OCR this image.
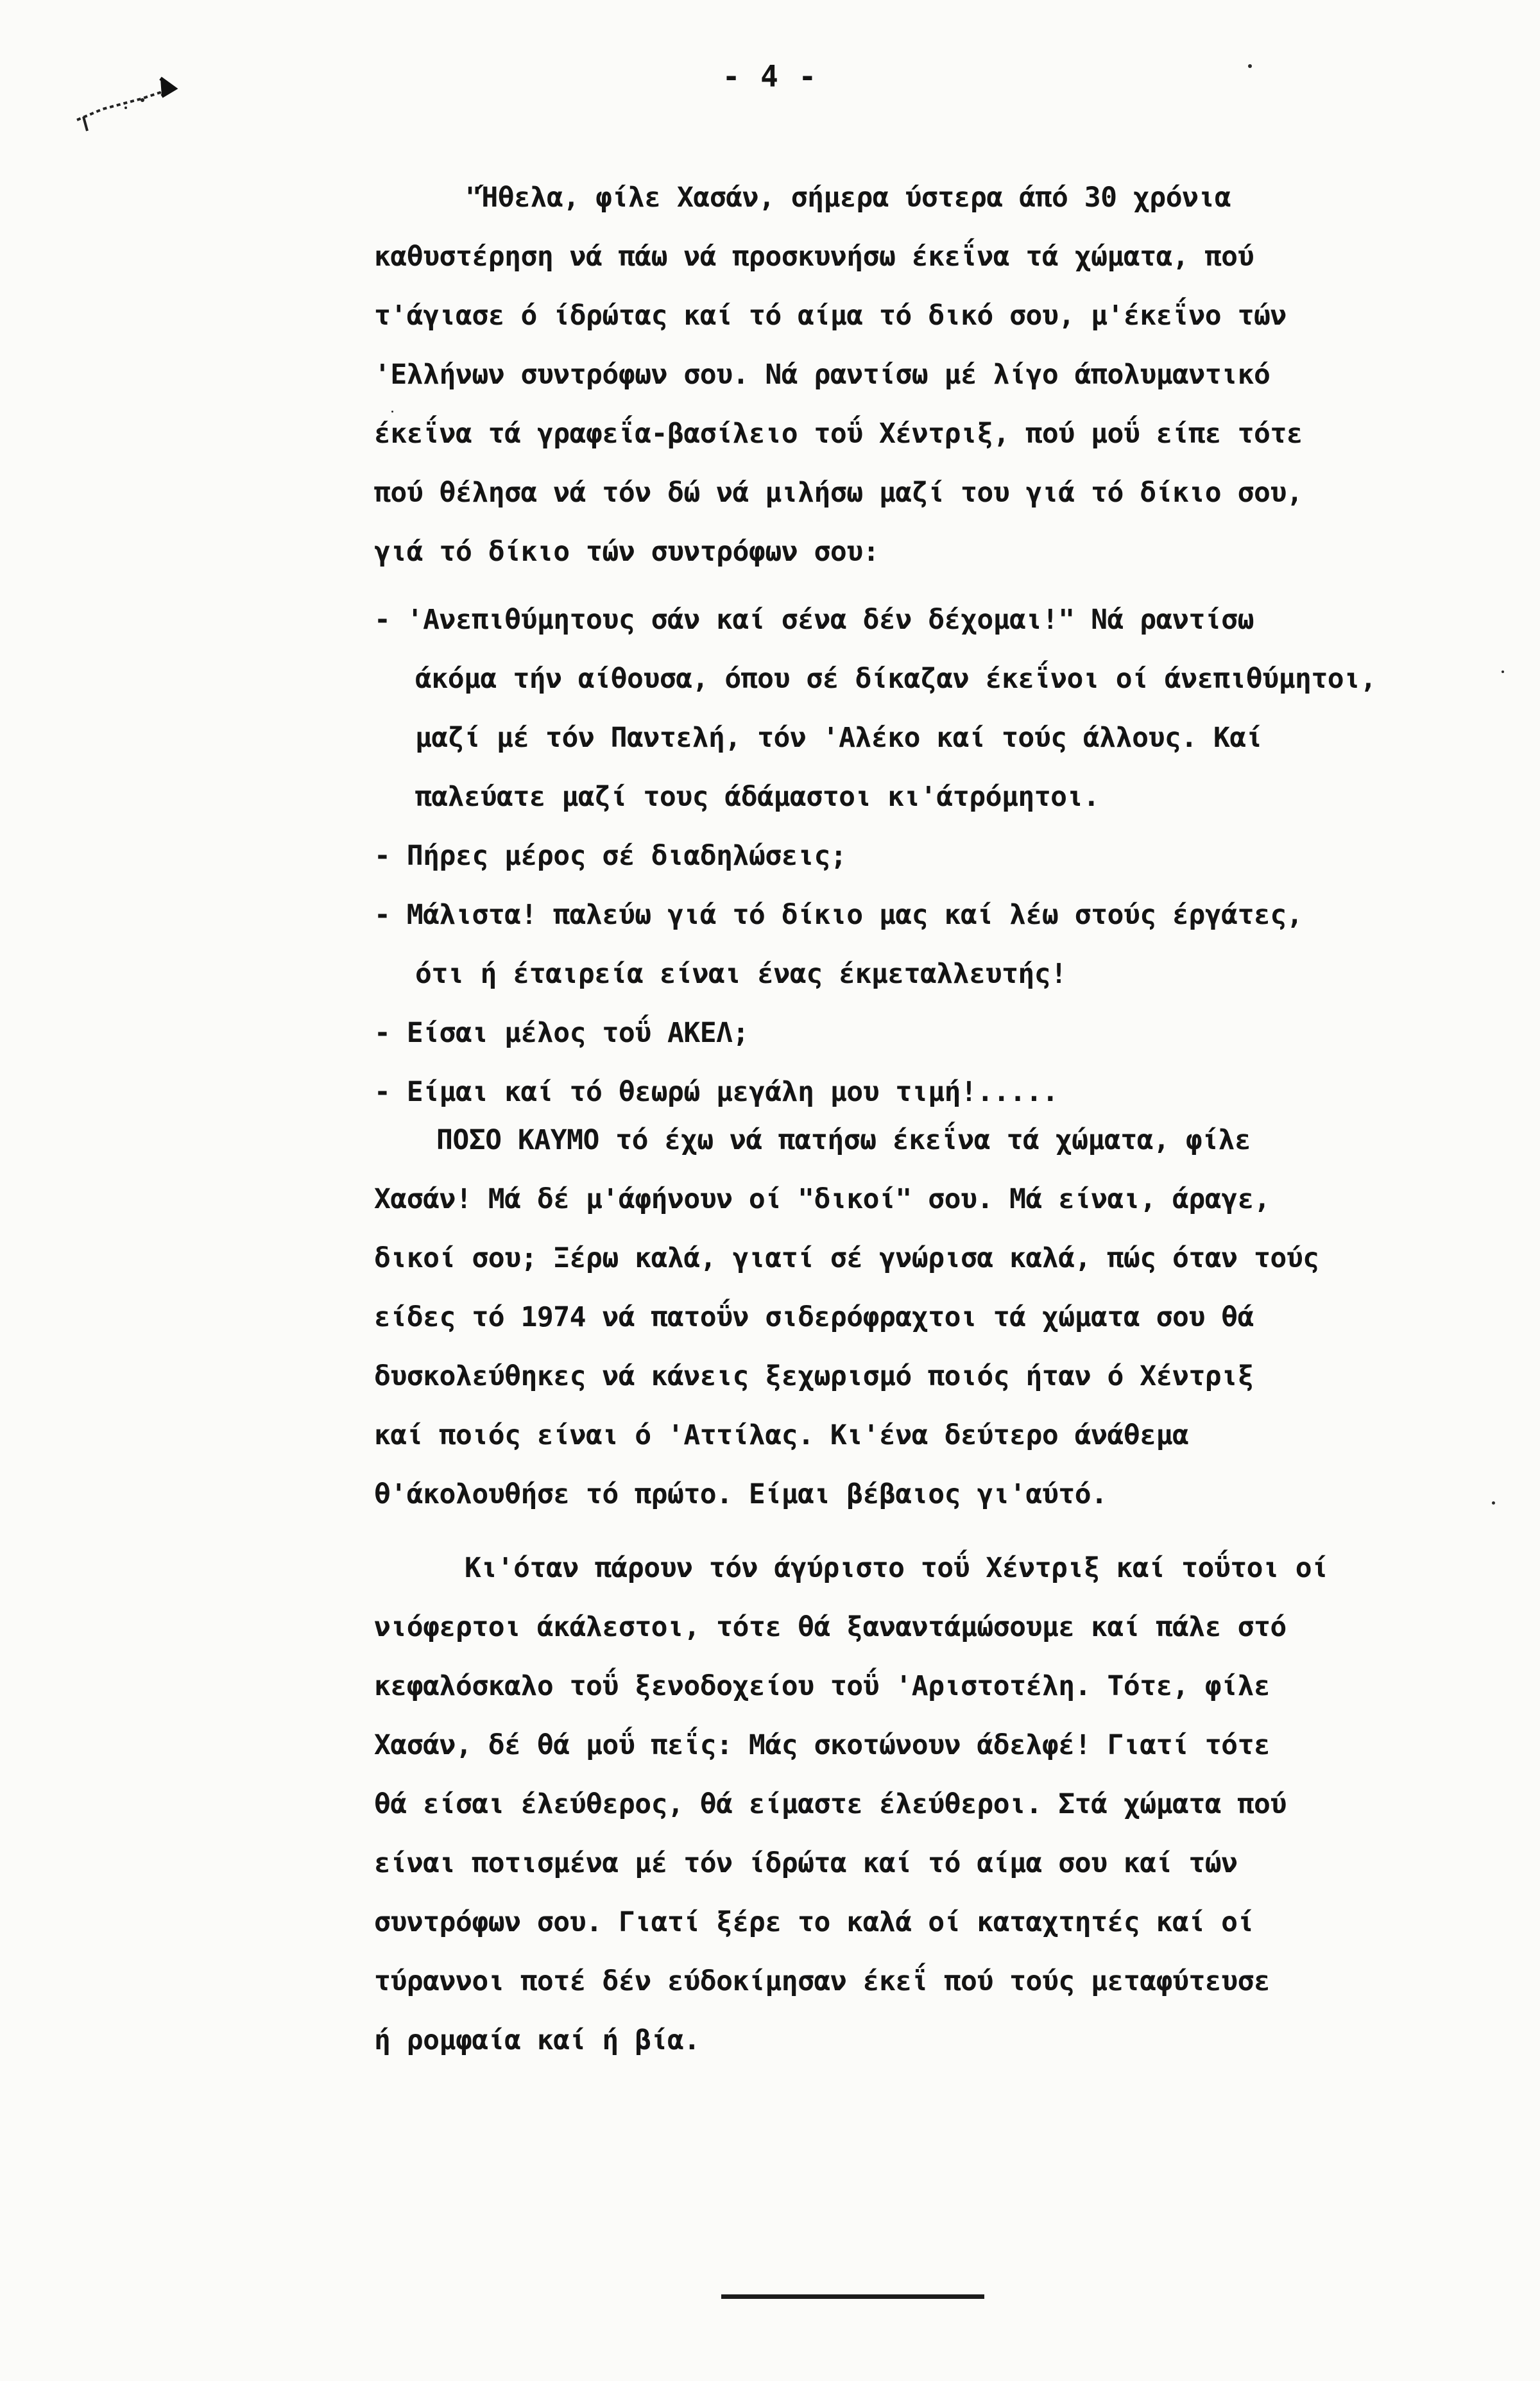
- 4 -
"Ήθελα, φίλε Χασάν, σήμερα ύστερα άπό 30 χρόνια
καθυστέρηση νά πάω νά προσκυνήσω έκεΐνα τά χώματα, πού
τ'άγιασε ό ίδρώτας καί τό αίμα τό δικό σου, μ'έκεΐνο τών
'Ελλήνων συντρόφων σου. Νά ραντίσω μέ λίγο άπολυμαντικό
έκεΐνα τά γραφεΐα-βασίλειο τοΰ Χέντριξ, πού μοΰ είπε τότε
πού θέλησα νά τόν δώ νά μιλήσω μαζί του γιά τό δίκιο σου,
γιά τό δίκιο τών συντρόφων σου:
- 'Ανεπιθύμητους σάν καί σένα δέν δέχομαι!" Νά ραντίσω
άκόμα τήν αίθουσα, όπου σέ δίκαζαν έκεΐνοι οί άνεπιθύμητοι,
μαζί μέ τόν Παντελή, τόν 'Αλέκο καί τούς άλλους. Καί
παλεύατε μαζί τους άδάμαστοι κι'άτρόμητοι.
- Πήρες μέρος σέ διαδηλώσεις;
- Μάλιστα! παλεύω γιά τό δίκιο μας καί λέω στούς έργάτες,
ότι ή έταιρεία είναι ένας έκμεταλλευτής!
- Είσαι μέλος τοΰ ΑΚΕΛ;
- Είμαι καί τό θεωρώ μεγάλη μου τιμή!.....
ΠΟΣΟ ΚΑΥΜΟ τό έχω νά πατήσω έκεΐνα τά χώματα, φίλε
Χασάν! Μά δέ μ'άφήνουν οί "δικοί" σου. Μά είναι, άραγε,
δικοί σου; Ξέρω καλά, γιατί σέ γνώρισα καλά, πώς όταν τούς
είδες τό 1974 νά πατοΰν σιδερόφραχτοι τά χώματα σου θά
δυσκολεύθηκες νά κάνεις ξεχωρισμό ποιός ήταν ό Χέντριξ
καί ποιός είναι ό 'Αττίλας. Κι'ένα δεύτερο άνάθεμα
θ'άκολουθήσε τό πρώτο. Είμαι βέβαιος γι'αύτό.
Κι'όταν πάρουν τόν άγύριστο τοΰ Χέντριξ καί τοΰτοι οί
νιόφερτοι άκάλεστοι, τότε θά ξαναντάμώσουμε καί πάλε στό
κεφαλόσκαλο τοΰ ξενοδοχείου τοΰ 'Αριστοτέλη. Τότε, φίλε
Χασάν, δέ θά μοΰ πεΐς: Μάς σκοτώνουν άδελφέ! Γιατί τότε
θά είσαι έλεύθερος, θά είμαστε έλεύθεροι. Στά χώματα πού
είναι ποτισμένα μέ τόν ίδρώτα καί τό αίμα σου καί τών
συντρόφων σου. Γιατί ξέρε το καλά οί καταχτητές καί οί
τύραννοι ποτέ δέν εύδοκίμησαν έκεΐ πού τούς μεταφύτευσε
ή ρομφαία καί ή βία.
